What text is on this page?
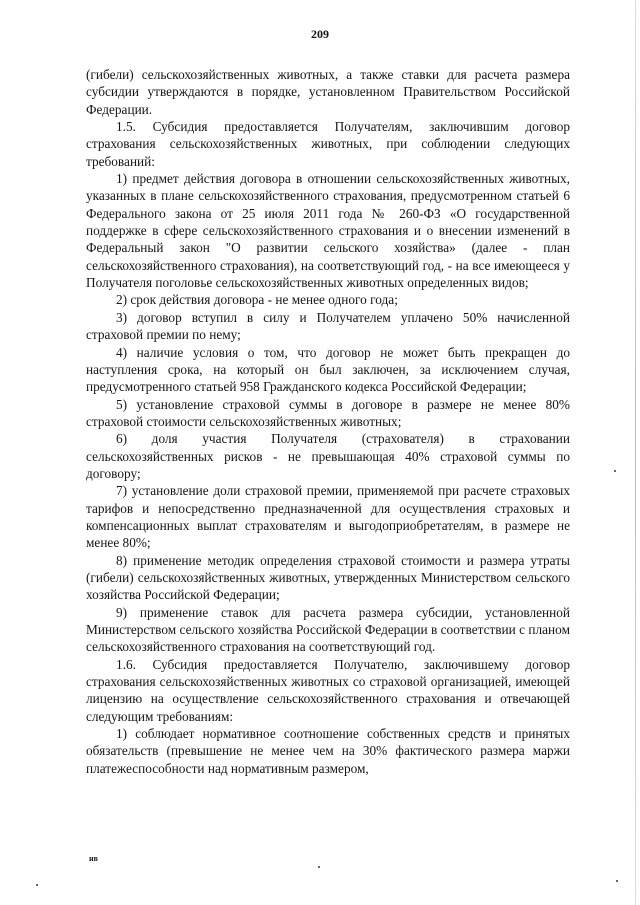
209

(гибели) сельскохозяйственных животных, а также ставки для расчета размера субсидии утверждаются в порядке, установленном Правительством Российской Федерации.

1.5. Субсидия предоставляется Получателям, заключившим договор страхования сельскохозяйственных животных, при соблюдении следующих требований:

1) предмет действия договора в отношении сельскохозяйственных животных, указанных в плане сельскохозяйственного страхования, предусмотренном статьей 6 Федерального закона от 25 июля 2011 года № 260-ФЗ «О государственной поддержке в сфере сельскохозяйственного страхования и о внесении изменений в Федеральный закон "О развитии сельского хозяйства» (далее - план сельскохозяйственного страхования), на соответствующий год, - на все имеющееся у Получателя поголовье сельскохозяйственных животных определенных видов;

2) срок действия договора - не менее одного года;

3) договор вступил в силу и Получателем уплачено 50% начисленной страховой премии по нему;

4) наличие условия о том, что договор не может быть прекращен до наступления срока, на который он был заключен, за исключением случая, предусмотренного статьей 958 Гражданского кодекса Российской Федерации;

5) установление страховой суммы в договоре в размере не менее 80% страховой стоимости сельскохозяйственных животных;

6) доля участия Получателя (страхователя) в страховании сельскохозяйственных рисков - не превышающая 40% страховой суммы по договору;

7) установление доли страховой премии, применяемой при расчете страховых тарифов и непосредственно предназначенной для осуществления страховых и компенсационных выплат страхователям и выгодоприобретателям, в размере не менее 80%;

8) применение методик определения страховой стоимости и размера утраты (гибели) сельскохозяйственных животных, утвержденных Министерством сельского хозяйства Российской Федерации;

9) применение ставок для расчета размера субсидии, установленной Министерством сельского хозяйства Российской Федерации в соответствии с планом сельскохозяйственного страхования на соответствующий год.

1.6. Субсидия предоставляется Получателю, заключившему договор страхования сельскохозяйственных животных со страховой организацией, имеющей лицензию на осуществление сельскохозяйственного страхования и отвечающей следующим требованиям:

1) соблюдает нормативное соотношение собственных средств и принятых обязательств (превышение не менее чем на 30% фактического размера маржи платежеспособности над нормативным размером,

нв
